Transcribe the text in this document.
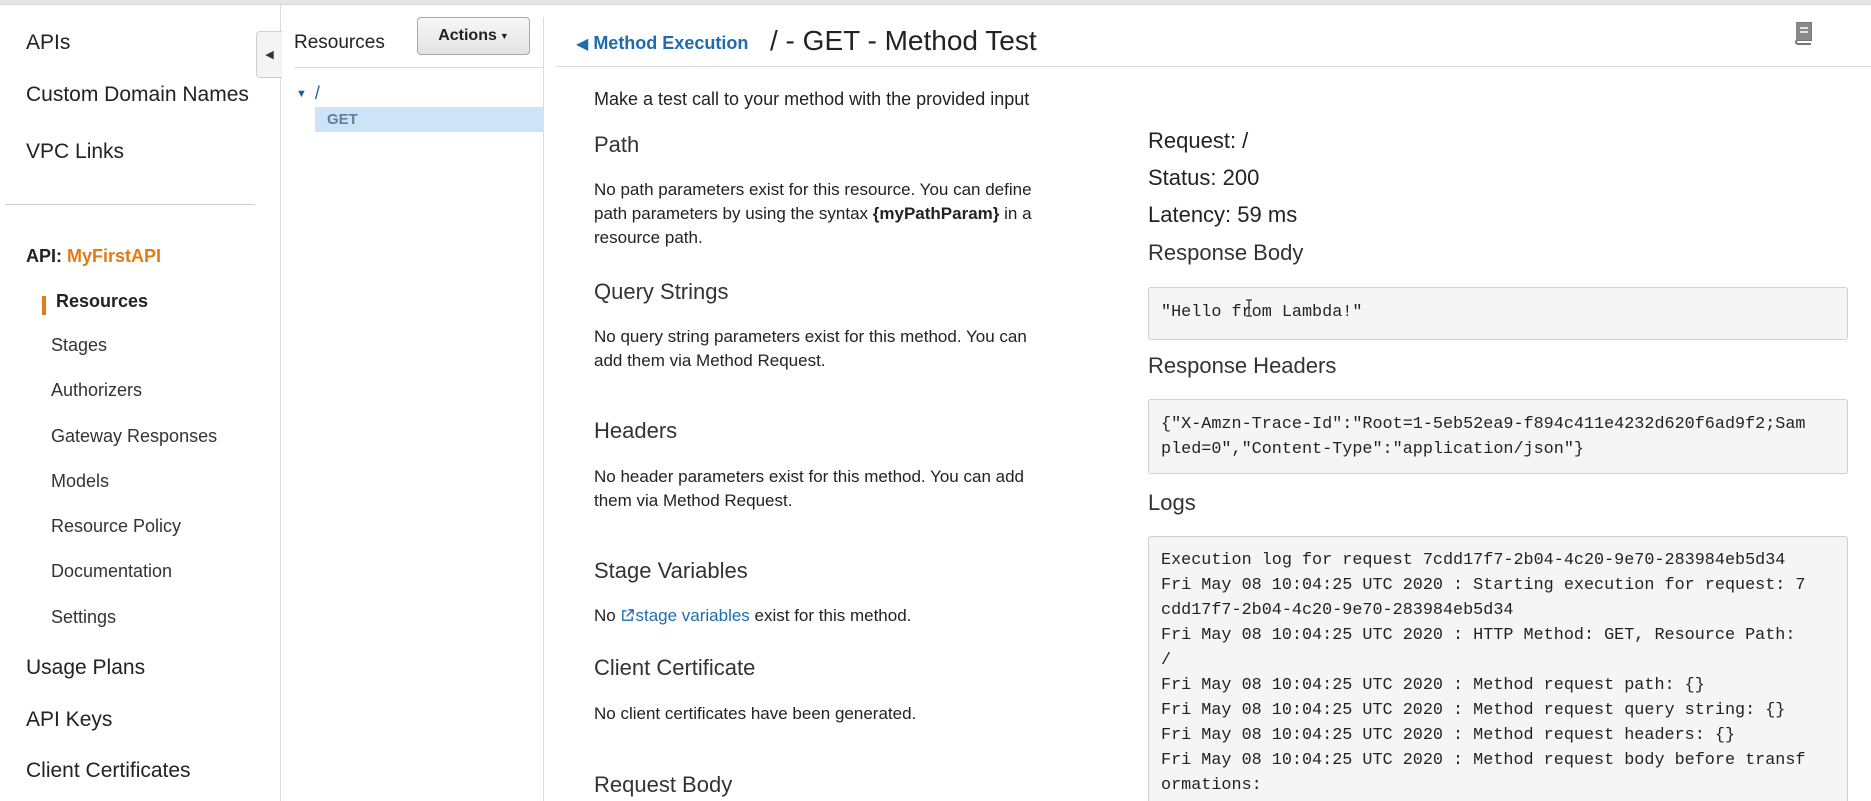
APIs
Custom Domain Names
VPC Links
API: MyFirstAPI
Resources
Stages
Authorizers
Gateway Responses
Models
Resource Policy
Documentation
Settings
Usage Plans
API Keys
Client Certificates
◀
Resources	Actions ▼
▼ /
GET
◀ Method Execution / - GET - Method Test
Make a test call to your method with the provided input
Path
No path parameters exist for this resource. You can define
path parameters by using the syntax {myPathParam} in a
resource path.
Query Strings
No query string parameters exist for this method. You can
add them via Method Request.
Headers
No header parameters exist for this method. You can add
them via Method Request.
Stage Variables
No stage variables exist for this method.
Client Certificate
No client certificates have been generated.
Request Body
Request: /
Status: 200
Latency: 59 ms
Response Body
"Hello from Lambda!"
Response Headers
{"X-Amzn-Trace-Id":"Root=1-5eb52ea9-f894c411e4232d620f6ad9f2;Sam
pled=0","Content-Type":"application/json"}
Logs
Execution log for request 7cdd17f7-2b04-4c20-9e70-283984eb5d34
Fri May 08 10:04:25 UTC 2020 : Starting execution for request: 7
cdd17f7-2b04-4c20-9e70-283984eb5d34
Fri May 08 10:04:25 UTC 2020 : HTTP Method: GET, Resource Path:
/
Fri May 08 10:04:25 UTC 2020 : Method request path: {}
Fri May 08 10:04:25 UTC 2020 : Method request query string: {}
Fri May 08 10:04:25 UTC 2020 : Method request headers: {}
Fri May 08 10:04:25 UTC 2020 : Method request body before transf
ormations:
